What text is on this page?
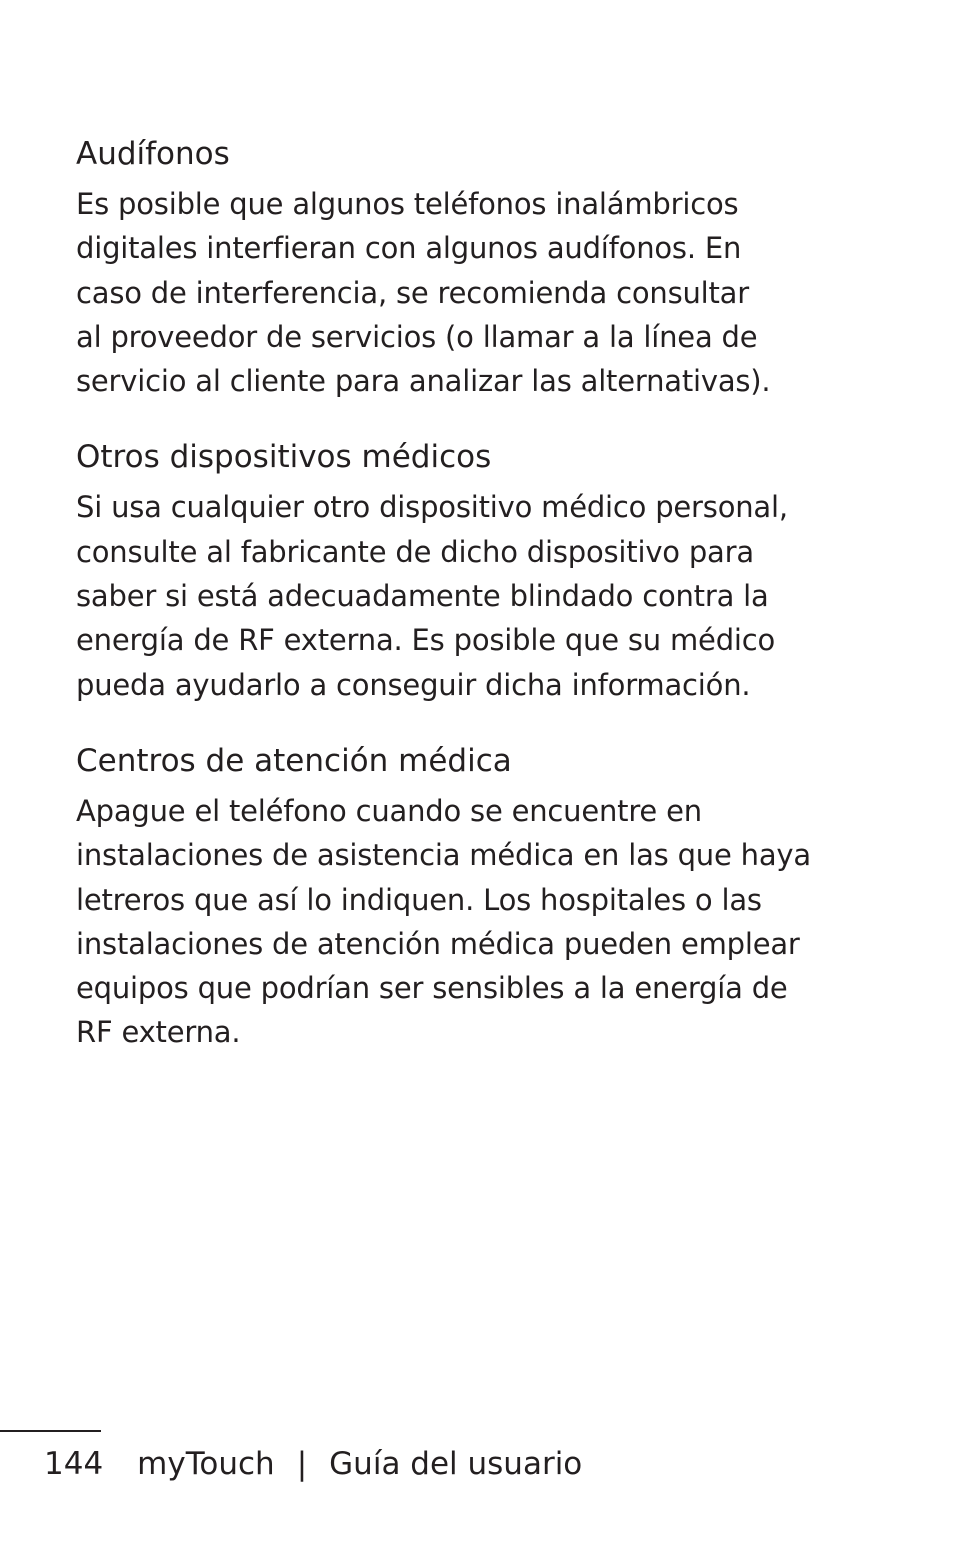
Audífonos

Es posible que algunos teléfonos inalámbricos
digitales interfieran con algunos audífonos. En
caso de interferencia, se recomienda consultar
al proveedor de servicios (o llamar a la línea de
servicio al cliente para analizar las alternativas).

Otros dispositivos médicos

Si usa cualquier otro dispositivo médico personal,
consulte al fabricante de dicho dispositivo para
saber si está adecuadamente blindado contra la
energía de RF externa. Es posible que su médico
pueda ayudarlo a conseguir dicha información.

Centros de atención médica

Apague el teléfono cuando se encuentre en
instalaciones de asistencia médica en las que haya
letreros que así lo indiquen. Los hospitales o las
instalaciones de atención médica pueden emplear
equipos que podrían ser sensibles a la energía de
RF externa.

144 myTouch | Guía del usuario
